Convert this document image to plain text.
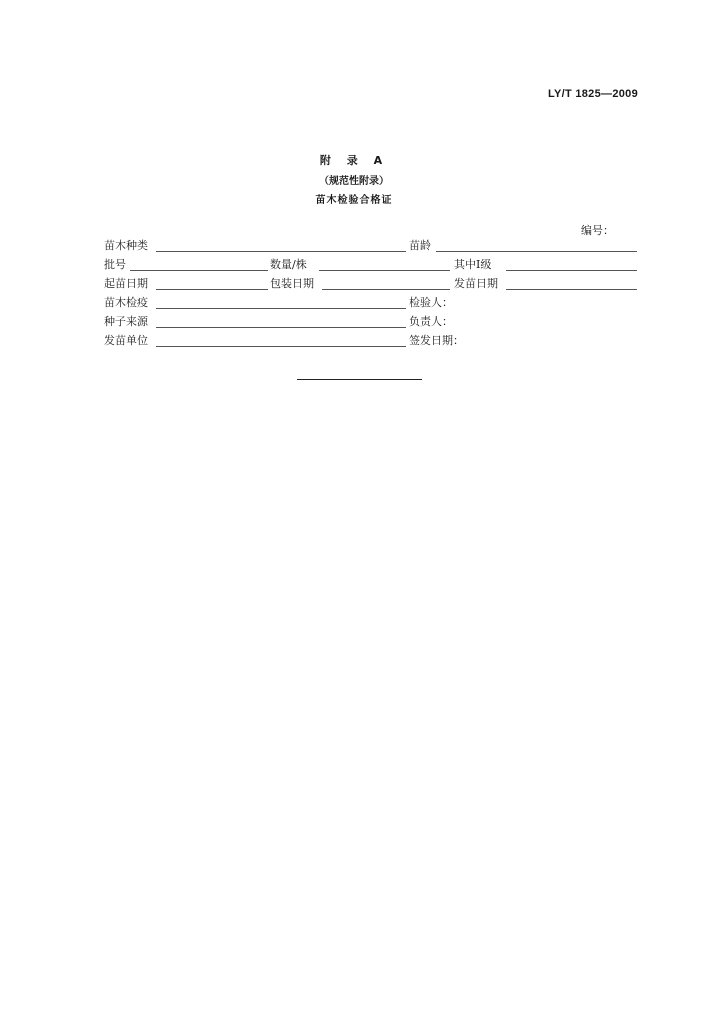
LY/T 1825—2009
附 录 A
（规范性附录）
苗木检验合格证
编号：
苗木种类	苗龄
批号	数量/株	其中Ⅰ级
起苗日期	包装日期	发苗日期
苗木检疫	检验人：
种子来源	负责人：
发苗单位	签发日期：
